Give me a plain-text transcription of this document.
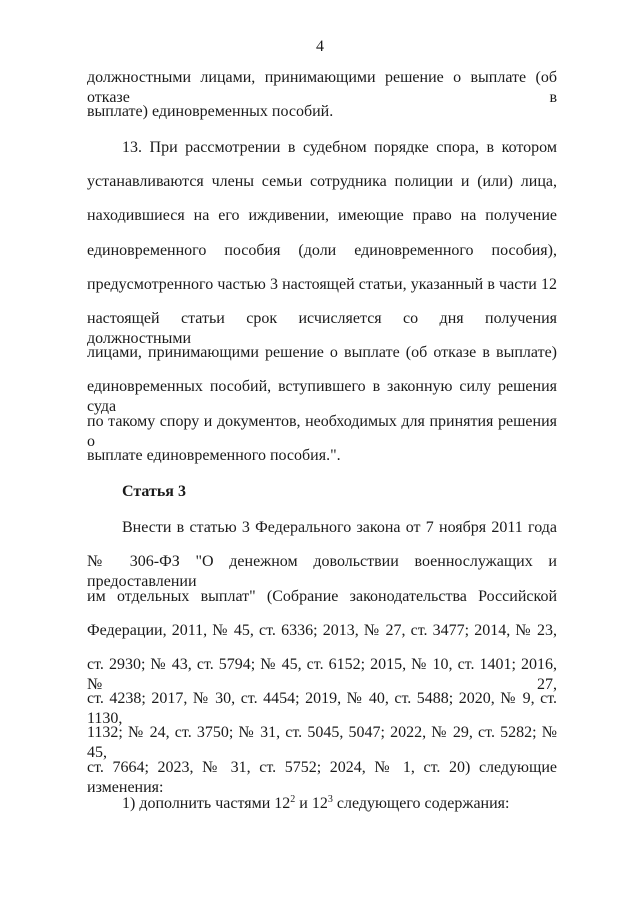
4
должностными лицами, принимающими решение о выплате (об отказе в
выплате) единовременных пособий.
13. При рассмотрении в судебном порядке спора, в котором
устанавливаются члены семьи сотрудника полиции и (или) лица,
находившиеся на его иждивении, имеющие право на получение
единовременного пособия (доли единовременного пособия),
предусмотренного частью 3 настоящей статьи, указанный в части 12
настоящей статьи срок исчисляется со дня получения должностными
лицами, принимающими решение о выплате (об отказе в выплате)
единовременных пособий, вступившего в законную силу решения суда
по такому спору и документов, необходимых для принятия решения о
выплате единовременного пособия.".
Статья 3
Внести в статью 3 Федерального закона от 7 ноября 2011 года
№ 306-ФЗ "О денежном довольствии военнослужащих и предоставлении
им отдельных выплат" (Собрание законодательства Российской
Федерации, 2011, № 45, ст. 6336; 2013, № 27, ст. 3477; 2014, № 23,
ст. 2930; № 43, ст. 5794; № 45, ст. 6152; 2015, № 10, ст. 1401; 2016, № 27,
ст. 4238; 2017, № 30, ст. 4454; 2019, № 40, ст. 5488; 2020, № 9, ст. 1130,
1132; № 24, ст. 3750; № 31, ст. 5045, 5047; 2022, № 29, ст. 5282; № 45,
ст. 7664; 2023, № 31, ст. 5752; 2024, № 1, ст. 20) следующие изменения:
1) дополнить частями $12^2$ и $12^3$ следующего содержания:
